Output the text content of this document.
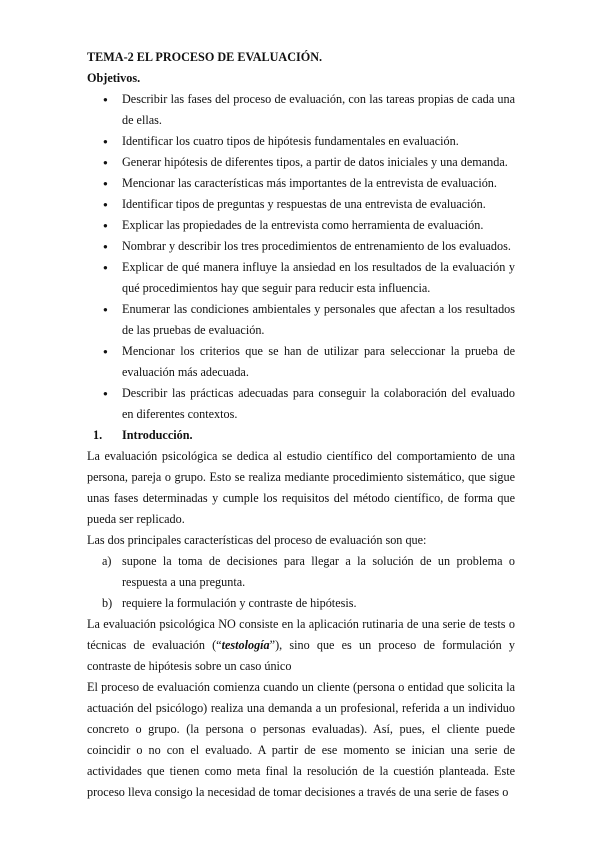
TEMA-2 EL PROCESO DE EVALUACIÓN.
Objetivos.
● Describir las fases del proceso de evaluación, con las tareas propias de cada una de ellas.
● Identificar los cuatro tipos de hipótesis fundamentales en evaluación.
● Generar hipótesis de diferentes tipos, a partir de datos iniciales y una demanda.
● Mencionar las características más importantes de la entrevista de evaluación.
● Identificar tipos de preguntas y respuestas de una entrevista de evaluación.
● Explicar las propiedades de la entrevista como herramienta de evaluación.
● Nombrar y describir los tres procedimientos de entrenamiento de los evaluados.
● Explicar de qué manera influye la ansiedad en los resultados de la evaluación y qué procedimientos hay que seguir para reducir esta influencia.
● Enumerar las condiciones ambientales y personales que afectan a los resultados de las pruebas de evaluación.
● Mencionar los criterios que se han de utilizar para seleccionar la prueba de evaluación más adecuada.
● Describir las prácticas adecuadas para conseguir la colaboración del evaluado en diferentes contextos.
1. Introducción.

La evaluación psicológica se dedica al estudio científico del comportamiento de una persona, pareja o grupo. Esto se realiza mediante procedimiento sistemático, que sigue unas fases determinadas y cumple los requisitos del método científico, de forma que pueda ser replicado.

Las dos principales características del proceso de evaluación son que:

a) supone la toma de decisiones para llegar a la solución de un problema o respuesta a una pregunta.
b) requiere la formulación y contraste de hipótesis.

La evaluación psicológica NO consiste en la aplicación rutinaria de una serie de tests o técnicas de evaluación (“testología”), sino que es un proceso de formulación y contraste de hipótesis sobre un caso único

El proceso de evaluación comienza cuando un cliente (persona o entidad que solicita la actuación del psicólogo) realiza una demanda a un profesional, referida a un individuo concreto o grupo. (la persona o personas evaluadas). Así, pues, el cliente puede coincidir o no con el evaluado. A partir de ese momento se inician una serie de actividades que tienen como meta final la resolución de la cuestión planteada. Este proceso lleva consigo la necesidad de tomar decisiones a través de una serie de fases o
